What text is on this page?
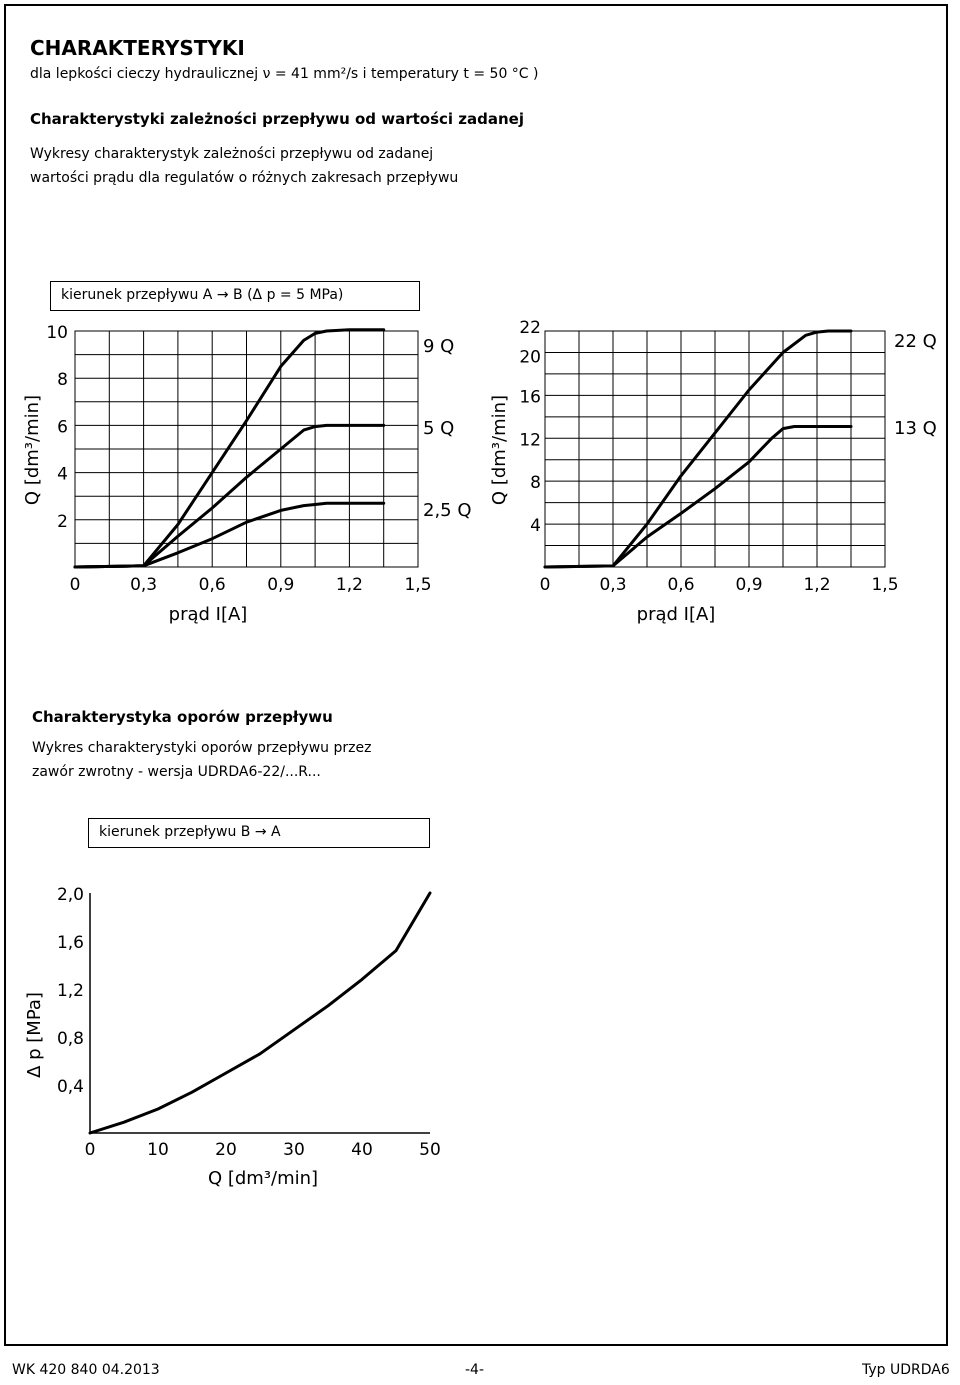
CHARAKTERYSTYKI
dla lepkości cieczy hydraulicznej ν = 41 mm²/s i temperatury t = 50 °C )
Charakterystyki zależności przepływu od wartości zadanej
Wykresy charakterystyk zależności przepływu od zadanej
wartości prądu dla regulatów o różnych zakresach przepływu
kierunek przepływu A → B (Δ p = 5 MPa)
Charakterystyka oporów przepływu
Wykres charakterystyki oporów przepływu przez
zawór zwrotny - wersja UDRDA6-22/...R...
kierunek przepływu B → A
0	0,3 0,6 0,9 1,2 1,5
2
4
6
8
10
prąd I[A]
Q [dm³/min]
9 Q
5 Q
2,5 Q
0	0,3 0,6 0,9 1,2 1,5
4
8
12
16
20
22
prąd I[A]
Q [dm³/min]
22 Q
13 Q
0	10	20	30	40	50
0,4
0,8
1,2
1,6
2,0
Q [dm³/min]
Δ p [MPa]
WK 420 840 04.2013	-4-	Typ UDRDA6
